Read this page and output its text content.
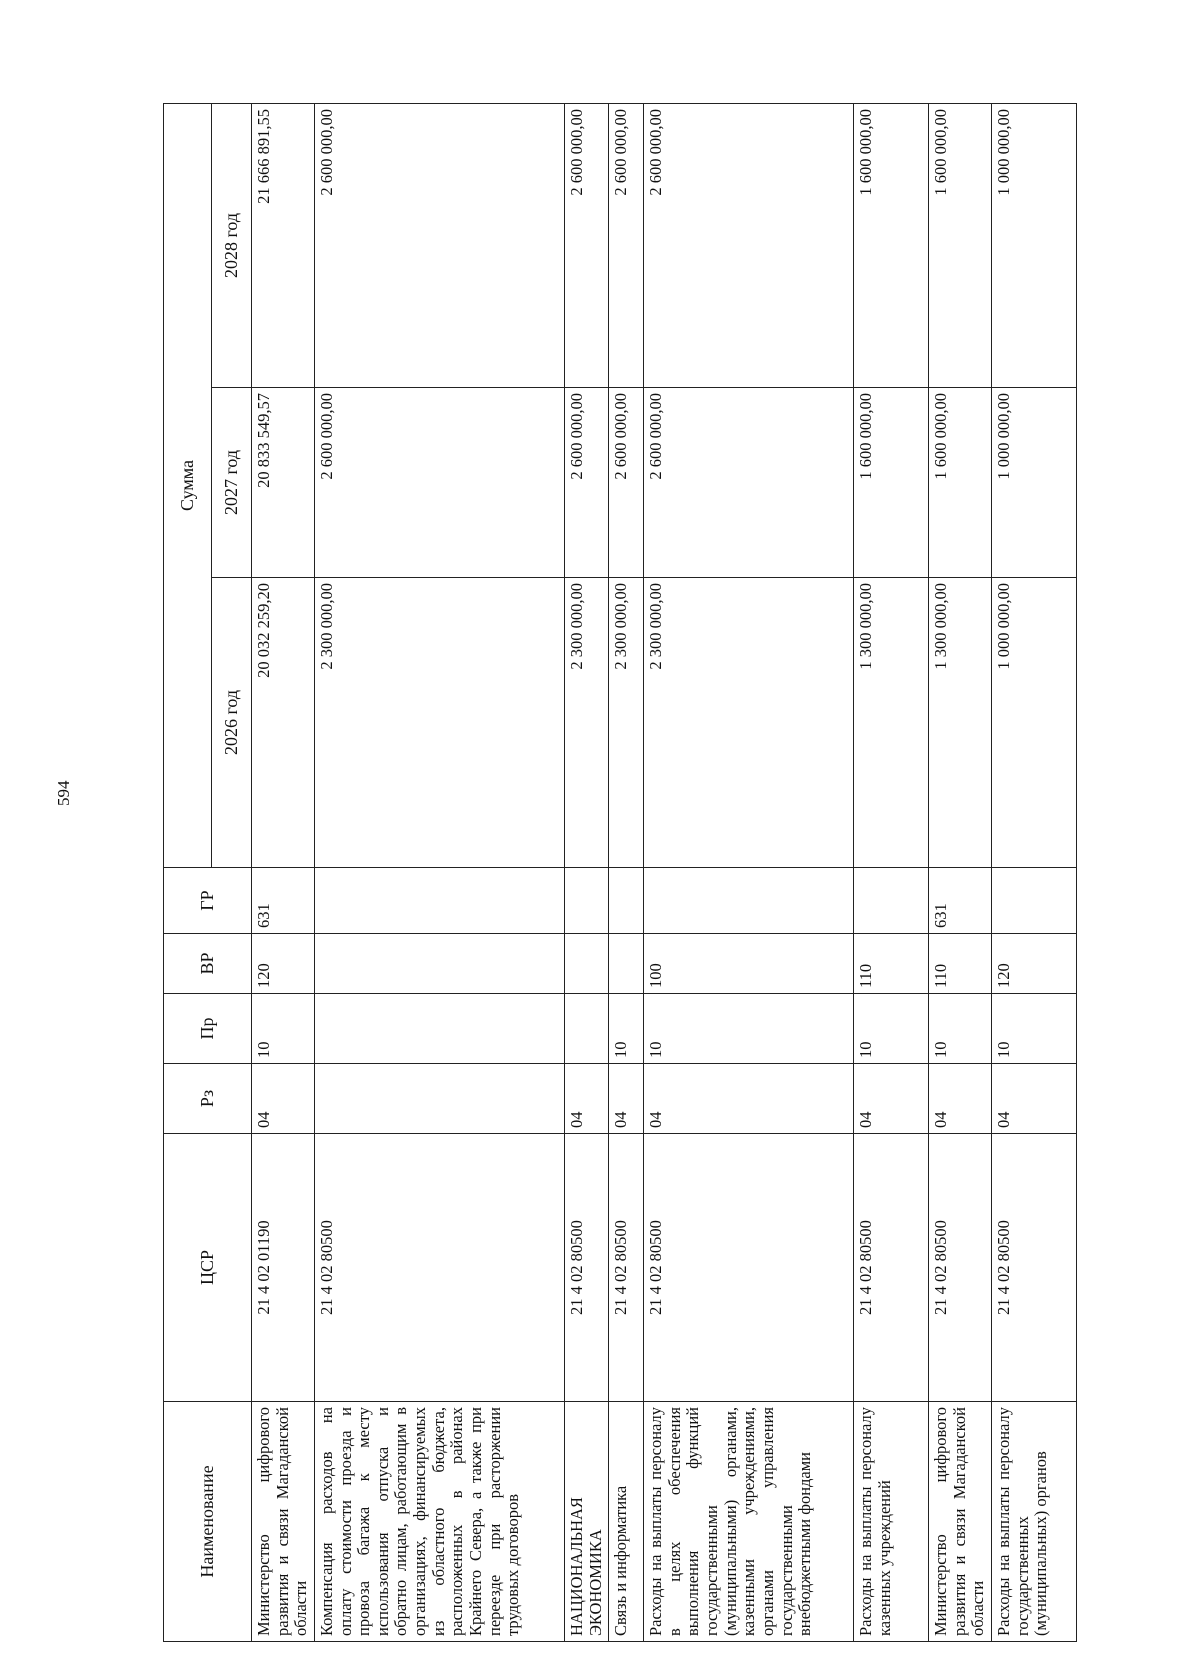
594
Наименование	ЦСР	Рз	Пр	ВР	ГР	Сумма		
						2026 год	2027 год	2028 год
Министерство цифрового развития и связи Магаданской области	21 4 02 01190	04	10	120	631	20 032 259,20	20 833 549,57	21 666 891,55
Компенсация расходов на оплату стоимости проезда и провоза багажа к месту использования отпуска и обратно лицам, работающим в организациях, финансируемых из областного бюджета, расположенных в районах Крайнего Севера, а также при переезде при расторжении трудовых договоров	21 4 02 80500					2 300 000,00	2 600 000,00	2 600 000,00
НАЦИОНАЛЬНАЯ ЭКОНОМИКА	21 4 02 80500	04				2 300 000,00	2 600 000,00	2 600 000,00
Связь и информатика	21 4 02 80500	04	10			2 300 000,00	2 600 000,00	2 600 000,00
Расходы на выплаты персоналу в целях обеспечения выполнения функций государственными (муниципальными) органами, казенными учреждениями, органами управления государственными внебюджетными фондами	21 4 02 80500	04	10	100		2 300 000,00	2 600 000,00	2 600 000,00
Расходы на выплаты персоналу казенных учреждений	21 4 02 80500	04	10	110		1 300 000,00	1 600 000,00	1 600 000,00
Министерство цифрового развития и связи Магаданской области	21 4 02 80500	04	10	110	631	1 300 000,00	1 600 000,00	1 600 000,00
Расходы на выплаты персоналу государственных (муниципальных) органов	21 4 02 80500	04	10	120		1 000 000,00	1 000 000,00	1 000 000,00
